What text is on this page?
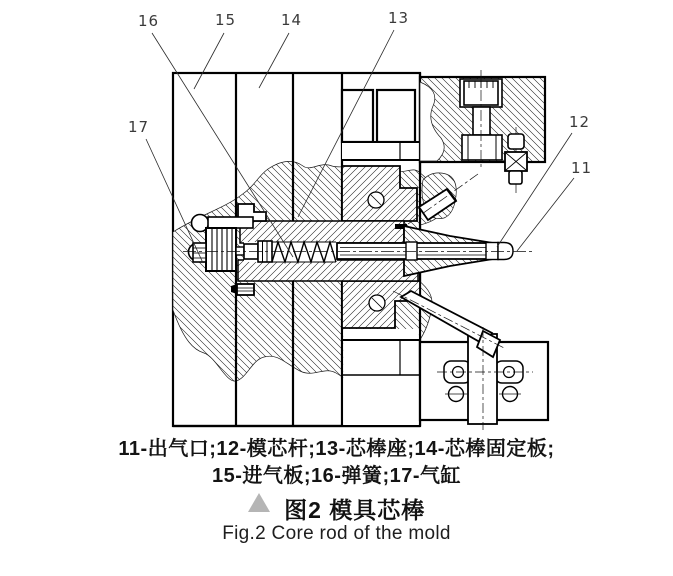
16	15	14	13
17	12
11
11-出气口;12-模芯杆;13-芯棒座;14-芯棒固定板;
15-进气板;16-弹簧;17-气缸
图2 模具芯棒
Fig.2 Core rod of the mold
